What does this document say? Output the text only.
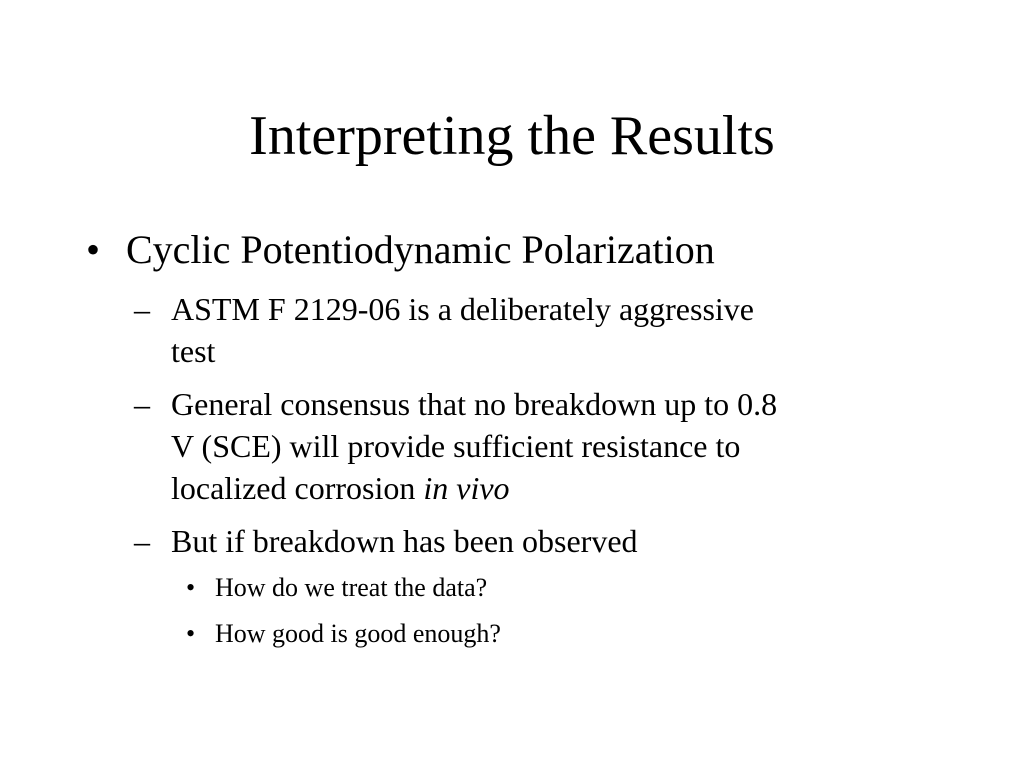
Interpreting the Results
• Cyclic Potentiodynamic Polarization
– ASTM F 2129-06 is a deliberately aggressive
test
– General consensus that no breakdown up to 0.8
V (SCE) will provide sufficient resistance to
localized corrosion in vivo
– But if breakdown has been observed
• How do we treat the data?
• How good is good enough?
